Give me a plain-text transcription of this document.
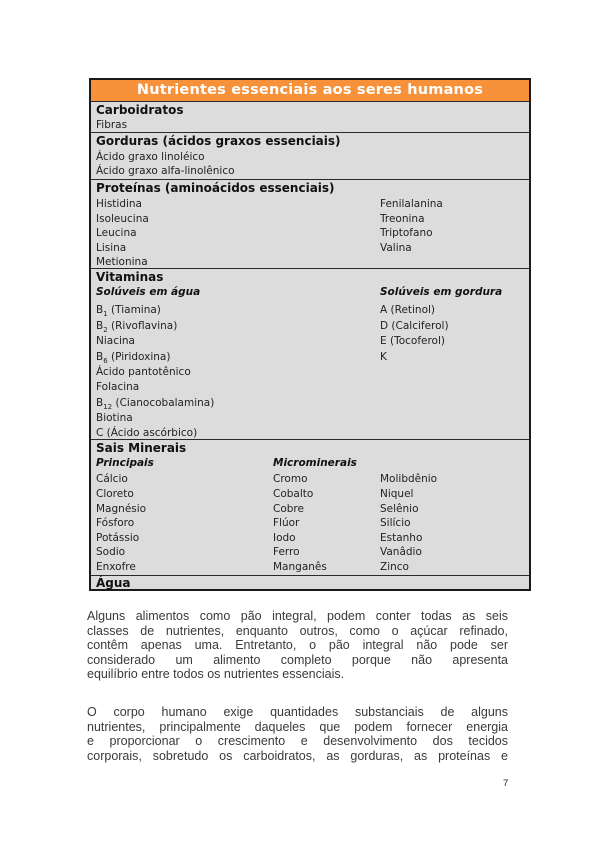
Nutrientes essenciais aos seres humanos
Carboidratos
Fibras
Gorduras (ácidos graxos essenciais)
Ácido graxo linoléico
Ácido graxo alfa-linolênico
Proteínas (aminoácidos essenciais)
Histidina
Isoleucina
Leucina
Lisina
Metionina
Fenilalanina
Treonina
Triptofano
Valina
Vitaminas
Solúveis em água	Solúveis em gordura
$B_1$ (Tiamina)
$B_2$ (Rivoflavina)
Niacina
$B_6$ (Piridoxina)
Ácido pantotênico
Folacina
$B_{12}$ (Cianocobalamina)
Biotina
C (Ácido ascórbico)
A (Retinol)
D (Calciferol)
E (Tocoferol)
K
Sais Minerais
Principais	Microminerais
Cálcio
Cloreto
Magnésio
Fósforo
Potássio
Sodio
Enxofre
Cromo
Cobalto
Cobre
Flúor
Iodo
Ferro
Manganês
Molibdênio
Niquel
Selênio
Silício
Estanho
Vanâdio
Zinco
Água
Alguns alimentos como pão integral, podem conter todas as seis
classes de nutrientes, enquanto outros, como o açúcar refinado,
contêm apenas uma. Entretanto, o pão integral não pode ser
considerado um alimento completo porque não apresenta
equilíbrio entre todos os nutrientes essenciais.
O corpo humano exige quantidades substanciais de alguns
nutrientes, principalmente daqueles que podem fornecer energia
e proporcionar o crescimento e desenvolvimento dos tecidos
corporais, sobretudo os carboidratos, as gorduras, as proteínas e
7
